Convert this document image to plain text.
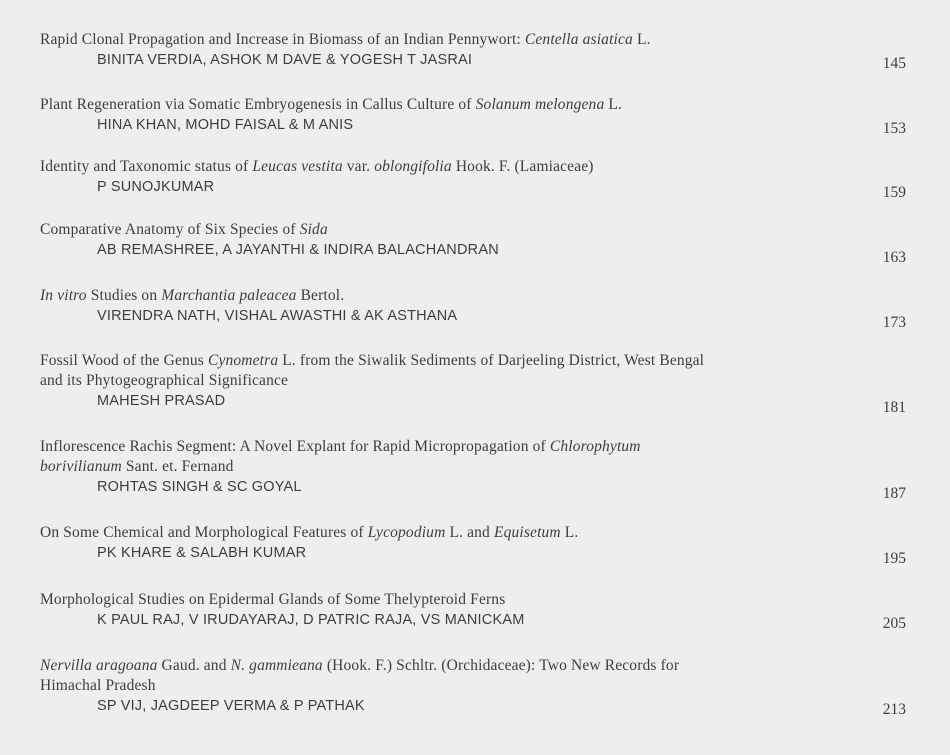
Rapid Clonal Propagation and Increase in Biomass of an Indian Pennywort: Centella asiatica L.
BINITA VERDIA, ASHOK M DAVE & YOGESH T JASRAI	145
Plant Regeneration via Somatic Embryogenesis in Callus Culture of Solanum melongena L.
HINA KHAN, MOHD FAISAL & M ANIS	153
Identity and Taxonomic status of Leucas vestita var. oblongifolia Hook. F. (Lamiaceae)
P SUNOJKUMAR	159
Comparative Anatomy of Six Species of Sida
AB REMASHREE, A JAYANTHI & INDIRA BALACHANDRAN	163
In vitro Studies on Marchantia paleacea Bertol.
VIRENDRA NATH, VISHAL AWASTHI & AK ASTHANA	173
Fossil Wood of the Genus Cynometra L. from the Siwalik Sediments of Darjeeling District, West Bengal
and its Phytogeographical Significance
MAHESH PRASAD	181
Inflorescence Rachis Segment: A Novel Explant for Rapid Micropropagation of Chlorophytum
borivilianum Sant. et. Fernand
ROHTAS SINGH & SC GOYAL	187
On Some Chemical and Morphological Features of Lycopodium L. and Equisetum L.
PK KHARE & SALABH KUMAR	195
Morphological Studies on Epidermal Glands of Some Thelypteroid Ferns
K PAUL RAJ, V IRUDAYARAJ, D PATRIC RAJA, VS MANICKAM	205
Nervilla aragoana Gaud. and N. gammieana (Hook. F.) Schltr. (Orchidaceae): Two New Records for
Himachal Pradesh
SP VIJ, JAGDEEP VERMA & P PATHAK	213
